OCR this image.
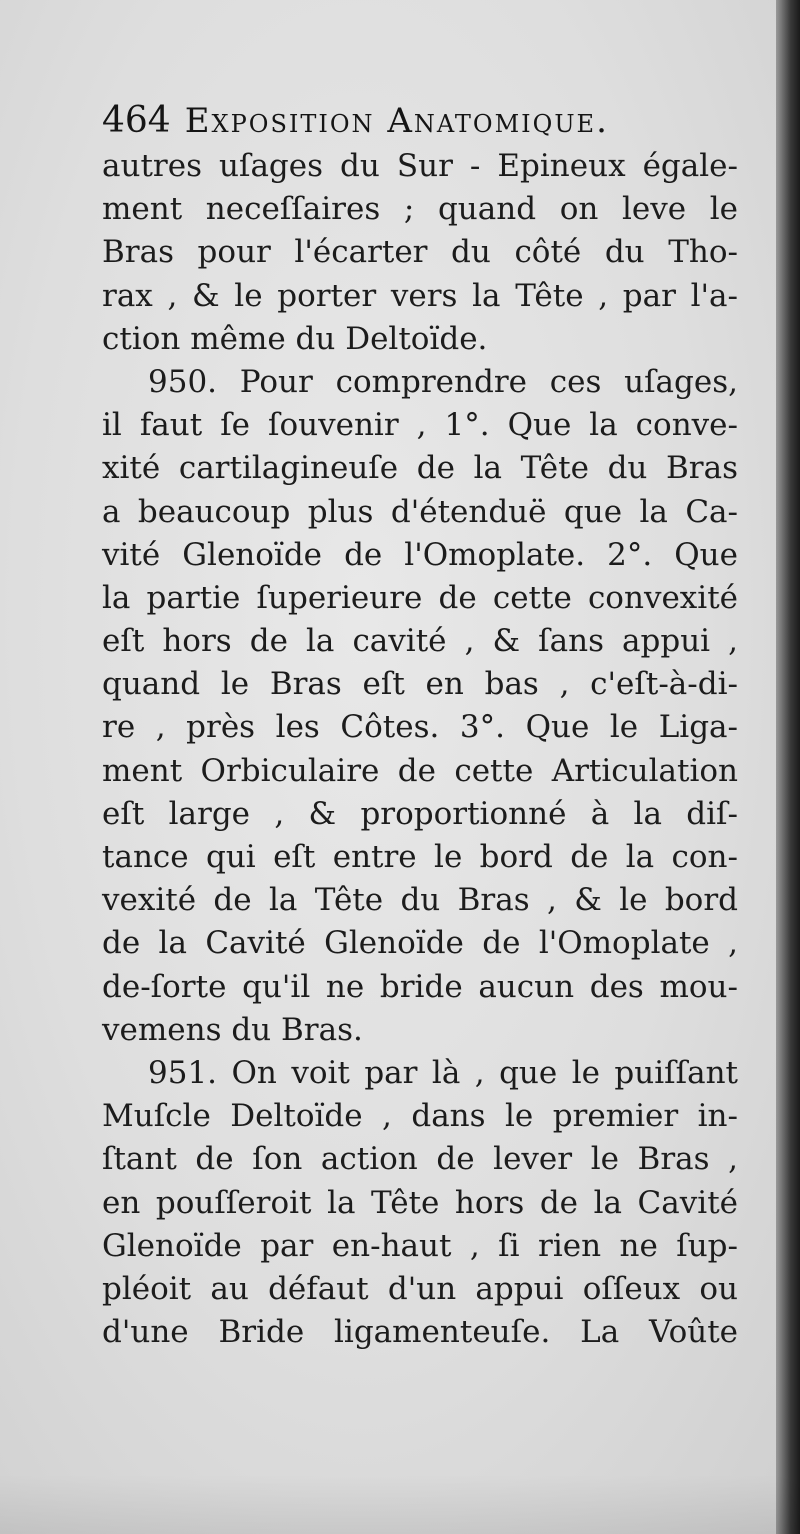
464 Exposition Anatomique.
autres uſages du Sur - Epineux égale-
ment neceſſaires ; quand on leve le
Bras pour l'écarter du côté du Tho-
rax , & le porter vers la Tête , par l'a-
ction même du Deltoïde.
950. Pour comprendre ces uſages,
il faut ſe ſouvenir , 1°. Que la conve-
xité cartilagineuſe de la Tête du Bras
a beaucoup plus d'étenduë que la Ca-
vité Glenoïde de l'Omoplate. 2°. Que
la partie ſuperieure de cette convexité
eſt hors de la cavité , & ſans appui ,
quand le Bras eſt en bas , c'eſt-à-di-
re , près les Côtes. 3°. Que le Liga-
ment Orbiculaire de cette Articulation
eſt large , & proportionné à la diſ-
tance qui eſt entre le bord de la con-
vexité de la Tête du Bras , & le bord
de la Cavité Glenoïde de l'Omoplate ,
de-ſorte qu'il ne bride aucun des mou-
vemens du Bras.
951. On voit par là , que le puiſſant
Muſcle Deltoïde , dans le premier in-
ſtant de ſon action de lever le Bras ,
en pouſſeroit la Tête hors de la Cavité
Glenoïde par en-haut , ſi rien ne ſup-
pléoit au défaut d'un appui oſſeux ou
d'une Bride ligamenteuſe. La Voûte
